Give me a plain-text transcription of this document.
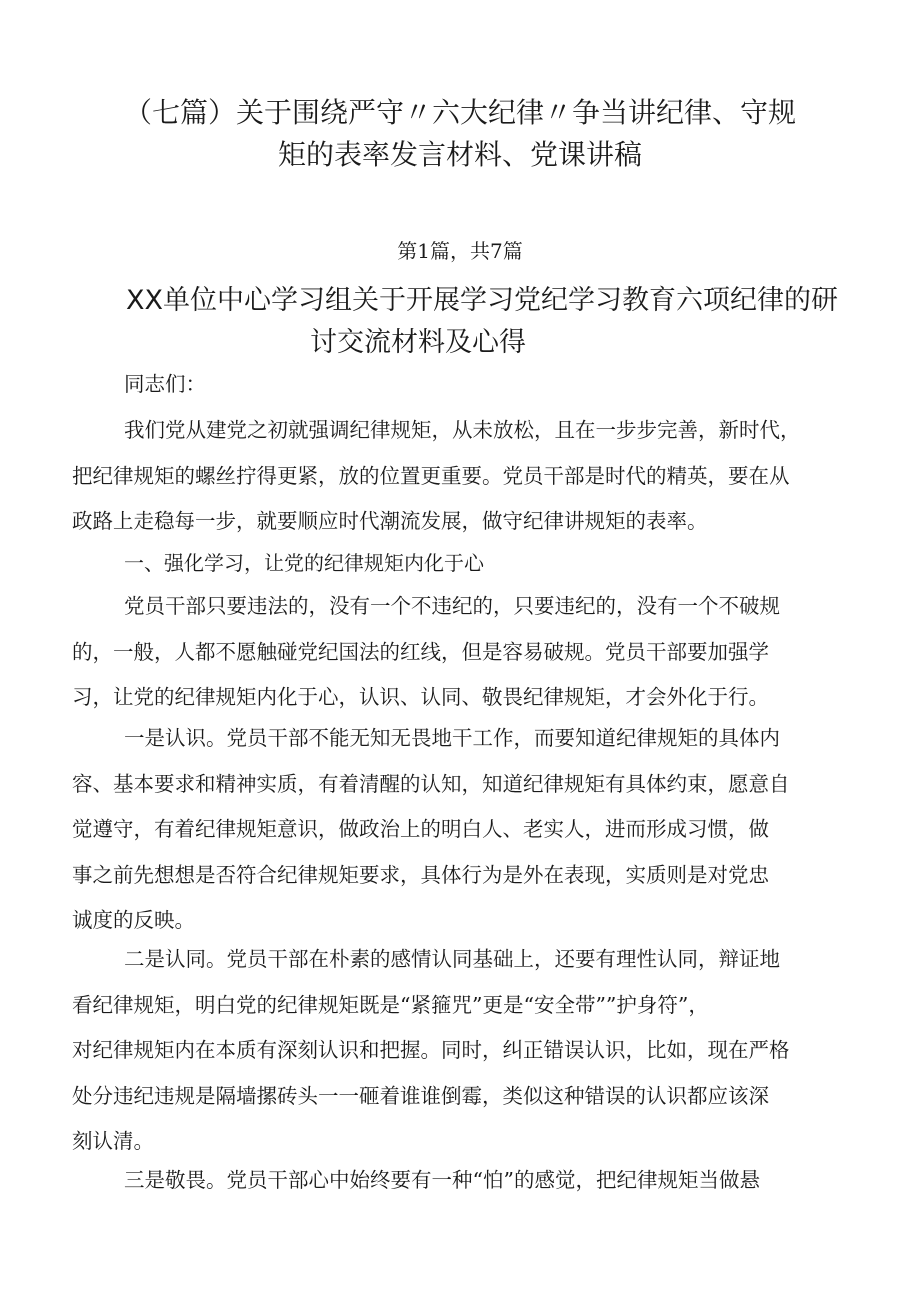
（七篇）关于围绕严守〃六大纪律〃争当讲纪律、守规
矩的表率发言材料、党课讲稿
第1篇，共7篇
XX单位中心学习组关于开展学习党纪学习教育六项纪律的研
讨交流材料及心得
同志们：
我们党从建党之初就强调纪律规矩，从未放松，且在一步步完善，新时代，
把纪律规矩的螺丝拧得更紧，放的位置更重要。党员干部是时代的精英，要在从
政路上走稳每一步，就要顺应时代潮流发展，做守纪律讲规矩的表率。
一、强化学习，让党的纪律规矩内化于心
党员干部只要违法的，没有一个不违纪的，只要违纪的，没有一个不破规
的，一般，人都不愿触碰党纪国法的红线，但是容易破规。党员干部要加强学
习，让党的纪律规矩内化于心，认识、认同、敬畏纪律规矩，才会外化于行。
一是认识。党员干部不能无知无畏地干工作，而要知道纪律规矩的具体内
容、基本要求和精神实质，有着清醒的认知，知道纪律规矩有具体约束，愿意自
觉遵守，有着纪律规矩意识，做政治上的明白人、老实人，进而形成习惯，做
事之前先想想是否符合纪律规矩要求，具体行为是外在表现，实质则是对党忠
诚度的反映。
二是认同。党员干部在朴素的感情认同基础上，还要有理性认同，辩证地
看纪律规矩，明白党的纪律规矩既是“紧箍咒”更是“安全带””护身符”，
对纪律规矩内在本质有深刻认识和把握。同时，纠正错误认识，比如，现在严格
处分违纪违规是隔墙摞砖头一一砸着谁谁倒霉，类似这种错误的认识都应该深
刻认清。
三是敬畏。党员干部心中始终要有一种“怕”的感觉，把纪律规矩当做悬
